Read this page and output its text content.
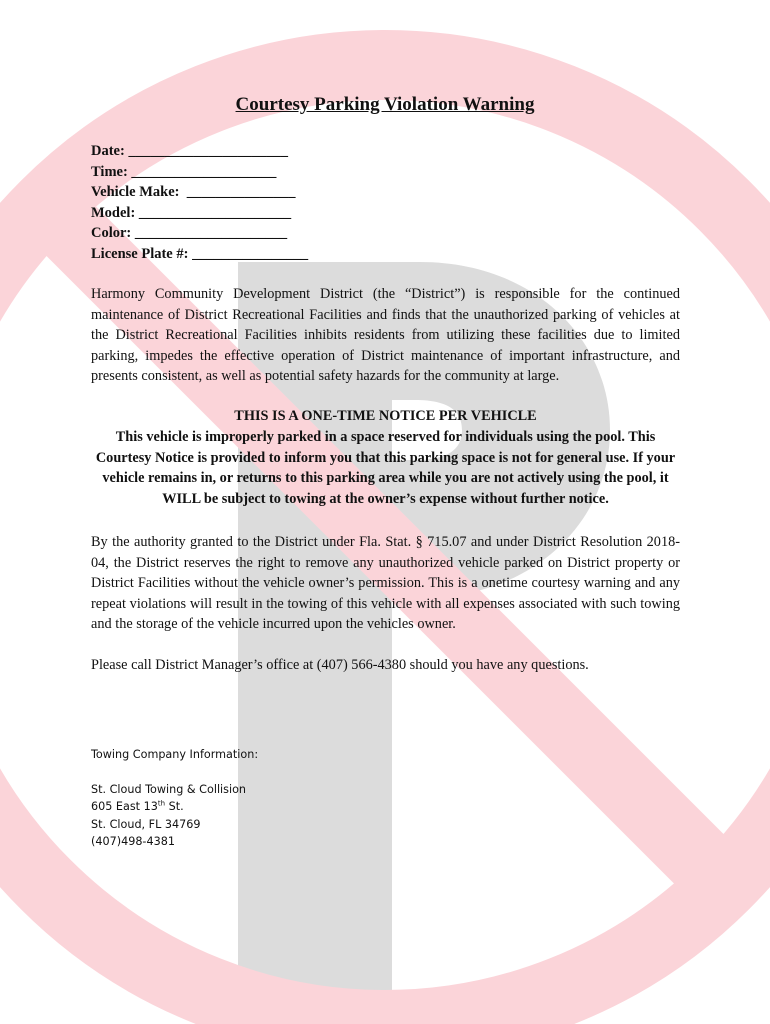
Courtesy Parking Violation Warning
Date: ______________________
Time: ____________________
Vehicle Make: _______________
Model: _____________________
Color: _____________________
License Plate #: ________________
Harmony Community Development District (the “District”) is responsible for the continued maintenance of District Recreational Facilities and finds that the unauthorized parking of vehicles at the District Recreational Facilities inhibits residents from utilizing these facilities due to limited parking, impedes the effective operation of District maintenance of important infrastructure, and presents consistent, as well as potential safety hazards for the community at large.
THIS IS A ONE-TIME NOTICE PER VEHICLE
This vehicle is improperly parked in a space reserved for individuals using the pool. This Courtesy Notice is provided to inform you that this parking space is not for general use. If your vehicle remains in, or returns to this parking area while you are not actively using the pool, it WILL be subject to towing at the owner’s expense without further notice.
By the authority granted to the District under Fla. Stat. § 715.07 and under District Resolution 2018-04, the District reserves the right to remove any unauthorized vehicle parked on District property or District Facilities without the vehicle owner’s permission. This is a onetime courtesy warning and any repeat violations will result in the towing of this vehicle with all expenses associated with such towing and the storage of the vehicle incurred upon the vehicles owner.
Please call District Manager’s office at (407) 566-4380 should you have any questions.
Towing Company Information:
St. Cloud Towing & Collision
605 East 13th St.
St. Cloud, FL 34769
(407)498-4381
